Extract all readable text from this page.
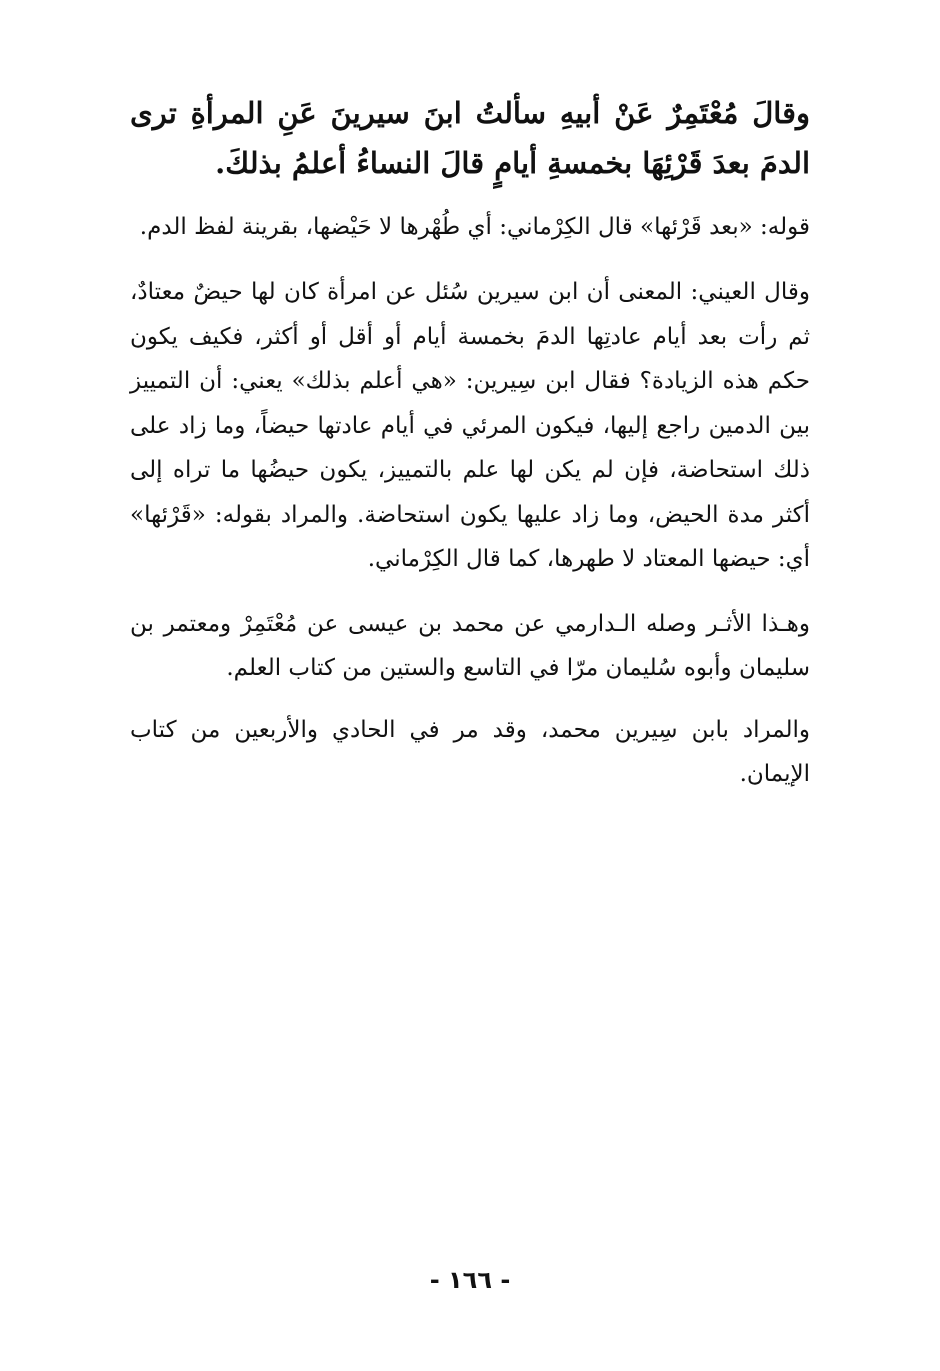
وقالَ مُعْتَمِرٌ عَنْ أبيهِ سألتُ ابنَ سيرينَ عَنِ المرأةِ ترى الدمَ بعدَ قَرْئِهَا بخمسةِ أيامٍ قالَ النساءُ أعلمُ بذلكَ.
قوله: «بعد قَرْئها» قال الكِرْماني: أي طُهْرها لا حَيْضها، بقرينة لفظ الدم.
وقال العيني: المعنى أن ابن سيرين سُئل عن امرأة كان لها حيضٌ معتادٌ، ثم رأت بعد أيام عادتِها الدمَ بخمسة أيام أو أقل أو أكثر، فكيف يكون حكم هذه الزيادة؟ فقال ابن سِيرين: «هي أعلم بذلك» يعني: أن التمييز بين الدمين راجع إليها، فيكون المرئي في أيام عادتها حيضاً، وما زاد على ذلك استحاضة، فإن لم يكن لها علم بالتمييز، يكون حيضُها ما تراه إلى أكثر مدة الحيض، وما زاد عليها يكون استحاضة. والمراد بقوله: «قَرْئها» أي: حيضها المعتاد لا طهرها، كما قال الكِرْماني.
وهـذا الأثـر وصله الـدارمي عن محمد بن عيسى عن مُعْتَمِرْ ومعتمر بن سليمان وأبوه سُليمان مرّا في التاسع والستين من كتاب العلم.
والمراد بابن سِيرين محمد، وقد مر في الحادي والأربعين من كتاب الإيمان.
- ١٦٦ -
